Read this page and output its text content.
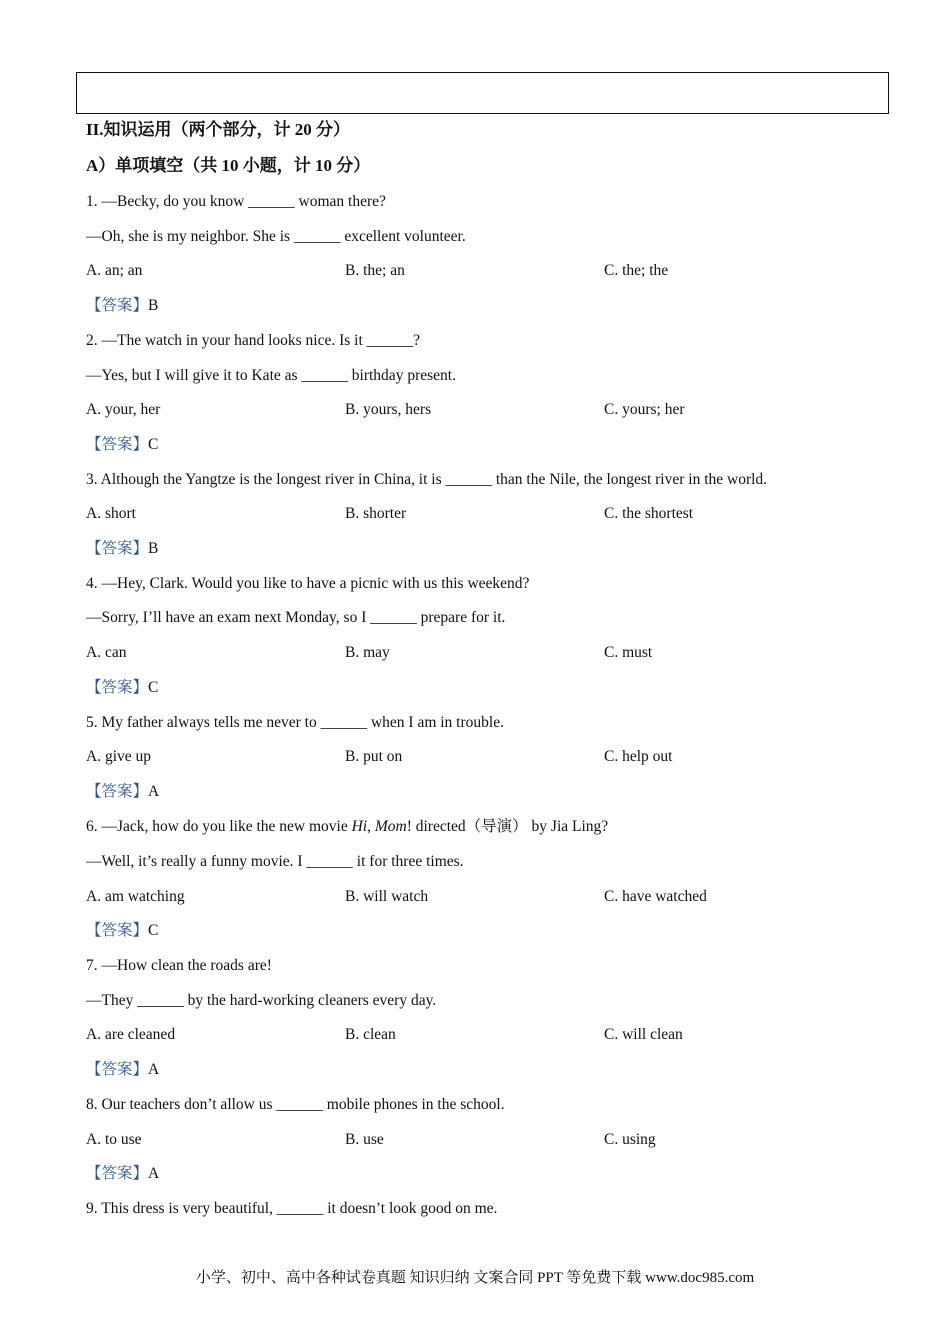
II.知识运用（两个部分，计 20 分）
A）单项填空（共 10 小题，计 10 分）
1. —Becky, do you know ______ woman there?
—Oh, she is my neighbor. She is ______ excellent volunteer.
A. an; an	B. the; an	C. the; the
【答案】B
2. —The watch in your hand looks nice. Is it ______?
—Yes, but I will give it to Kate as ______ birthday present.
A. your, her	B. yours, hers	C. yours; her
【答案】C
3. Although the Yangtze is the longest river in China, it is ______ than the Nile, the longest river in the world.
A. short	B. shorter	C. the shortest
【答案】B
4. —Hey, Clark. Would you like to have a picnic with us this weekend?
—Sorry, I’ll have an exam next Monday, so I ______ prepare for it.
A. can	B. may	C. must
【答案】C
5. My father always tells me never to ______ when I am in trouble.
A. give up	B. put on	C. help out
【答案】A
6. —Jack, how do you like the new movie Hi, Mom! directed（导演） by Jia Ling?
—Well, it’s really a funny movie. I ______ it for three times.
A. am watching	B. will watch	C. have watched
【答案】C
7. —How clean the roads are!
—They ______ by the hard-working cleaners every day.
A. are cleaned	B. clean	C. will clean
【答案】A
8. Our teachers don’t allow us ______ mobile phones in the school.
A. to use	B. use	C. using
【答案】A
9. This dress is very beautiful, ______ it doesn’t look good on me.
小学、初中、高中各种试卷真题 知识归纳 文案合同 PPT 等免费下载 www.doc985.com
